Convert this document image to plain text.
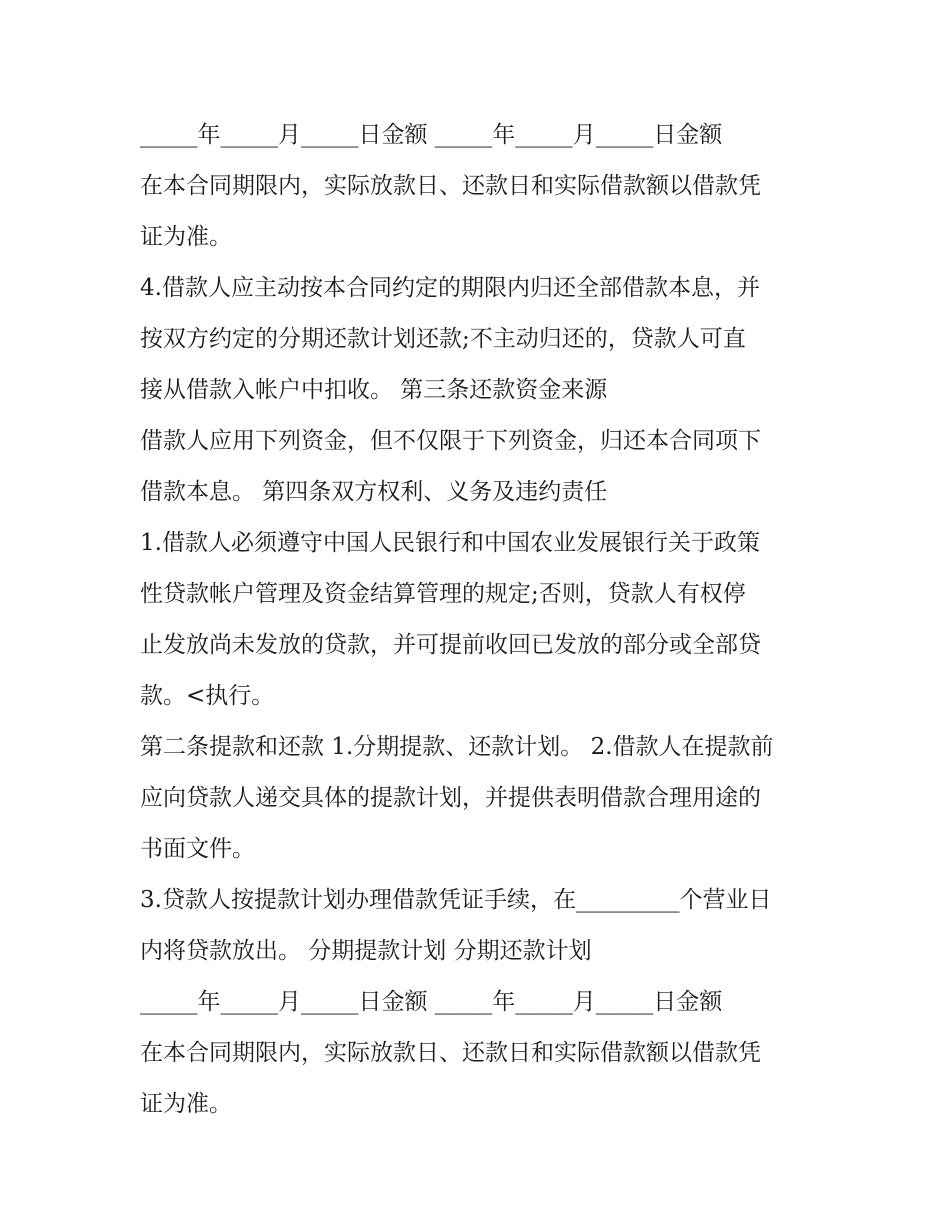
_____年_____月_____日金额 _____年_____月_____日金额
在本合同期限内，实际放款日、还款日和实际借款额以借款凭
证为准。
4.借款人应主动按本合同约定的期限内归还全部借款本息，并
按双方约定的分期还款计划还款;不主动归还的，贷款人可直
接从借款入帐户中扣收。 第三条还款资金来源
借款人应用下列资金，但不仅限于下列资金，归还本合同项下
借款本息。 第四条双方权利、义务及违约责任
1.借款人必须遵守中国人民银行和中国农业发展银行关于政策
性贷款帐户管理及资金结算管理的规定;否则，贷款人有权停
止发放尚未发放的贷款，并可提前收回已发放的部分或全部贷
款。<执行。
第二条提款和还款 1.分期提款、还款计划。 2.借款人在提款前
应向贷款人递交具体的提款计划，并提供表明借款合理用途的
书面文件。
3.贷款人按提款计划办理借款凭证手续，在_________个营业日
内将贷款放出。 分期提款计划 分期还款计划
_____年_____月_____日金额 _____年_____月_____日金额
在本合同期限内，实际放款日、还款日和实际借款额以借款凭
证为准。
